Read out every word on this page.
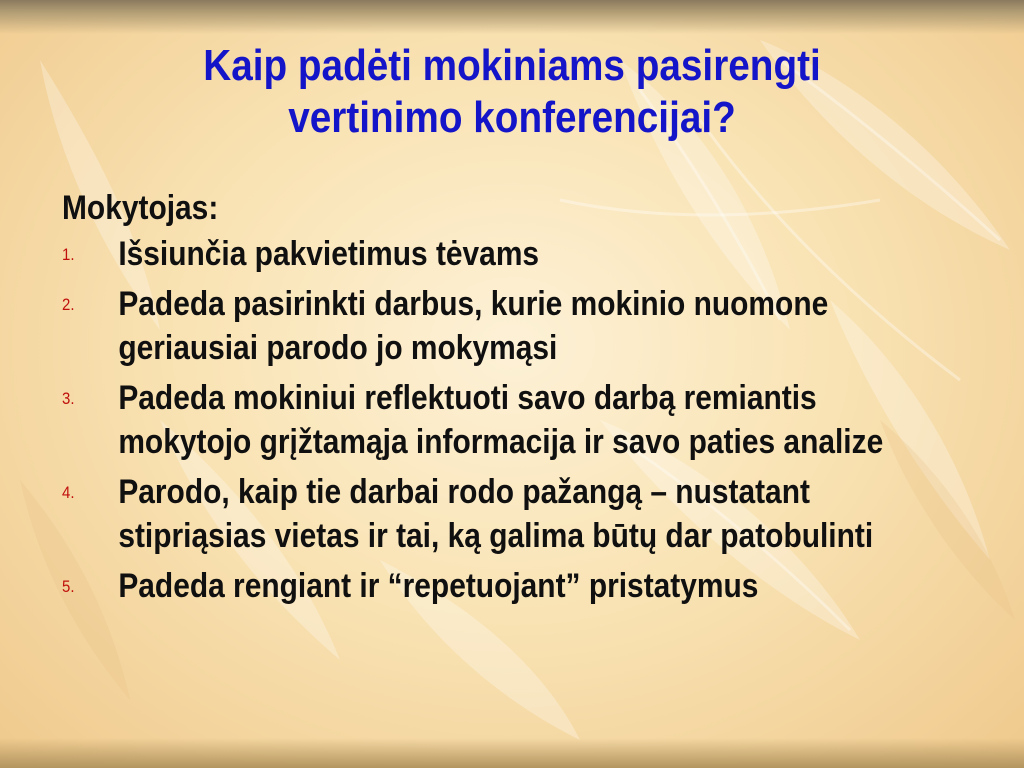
Kaip padėti mokiniams pasirengti
vertinimo konferencijai?
Mokytojas:
1. Išsiunčia pakvietimus tėvams
2. Padeda pasirinkti darbus, kurie mokinio nuomone
geriausiai parodo jo mokymąsi
3. Padeda mokiniui reflektuoti savo darbą remiantis
mokytojo grįžtamąja informacija ir savo paties analize
4. Parodo, kaip tie darbai rodo pažangą – nustatant
stipriąsias vietas ir tai, ką galima būtų dar patobulinti
5. Padeda rengiant ir “repetuojant” pristatymus
